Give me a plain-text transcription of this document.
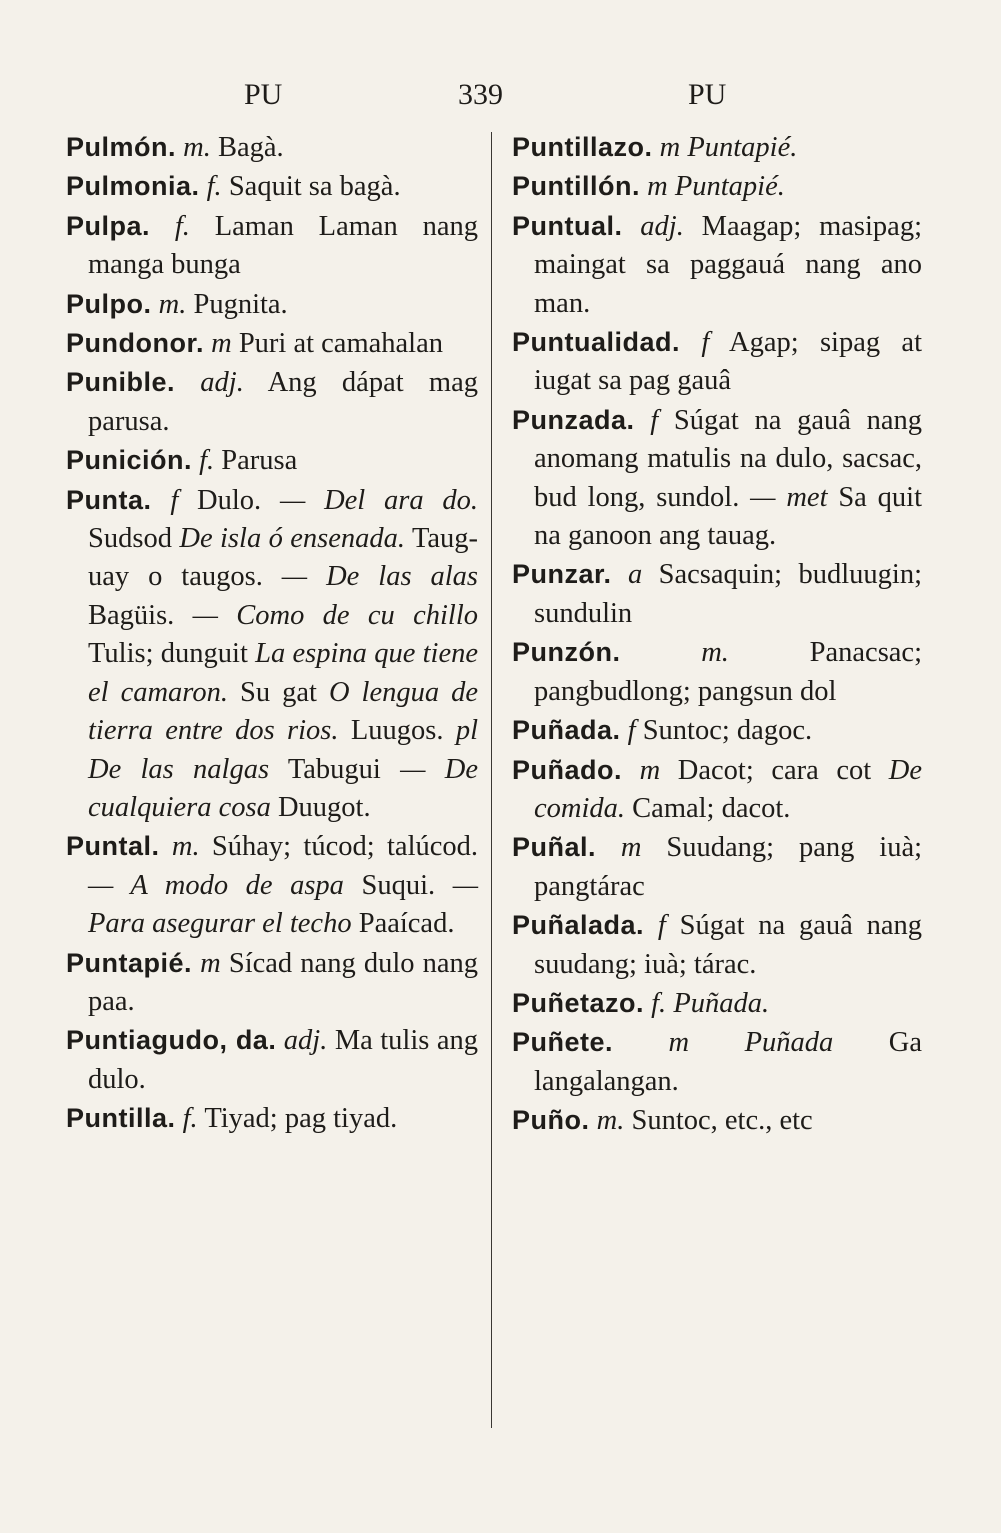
PU	339	PU

Pulmón. m. Bagà.

Pulmonia. f. Saquit sa bagà.

Pulpa. f. Laman Laman nang manga bunga

Pulpo. m. Pugnita.

Pundonor. m Puri at camahalan

Punible. adj. Ang dápat mag parusa.

Punición. f. Parusa

Punta. f Dulo. — Del ara do. Sudsod De isla ó ensenada. Taug-uay o taugos. — De las alas Bagüis. — Como de cu chillo Tulis; dunguit La espina que tiene el camaron. Su gat O lengua de tierra entre dos rios. Luugos. pl De las nalgas Tabugui — De cualquiera cosa Duugot.

Puntal. m. Súhay; túcod; talúcod. — A modo de aspa Suqui. — Para asegurar el techo Paaícad.

Puntapié. m Sícad nang dulo nang paa.

Puntiagudo, da. adj. Ma tulis ang dulo.

Puntilla. f. Tiyad; pag tiyad.

Puntillazo. m Puntapié.

Puntillón. m Puntapié.

Puntual. adj. Maagap; masipag; maingat sa paggauá nang ano man.

Puntualidad. f Agap; sipag at iugat sa pag gauâ

Punzada. f Súgat na gauâ nang anomang matulis na dulo, sacsac, bud long, sundol. — met Sa quit na ganoon ang tauag.

Punzar. a Sacsaquin; budluugin; sundulin

Punzón.	m.	Panacsac; pangbudlong; pangsun dol

Puñada. f Suntoc; dagoc.

Puñado. m Dacot; cara cot De comida. Camal; dacot.

Puñal. m Suudang; pang iuà; pangtárac

Puñalada. f Súgat na gauâ nang suudang; iuà; tárac.

Puñetazo. f. Puñada.

Puñete. m Puñada Ga langalangan.

Puño. m. Suntoc, etc., etc
